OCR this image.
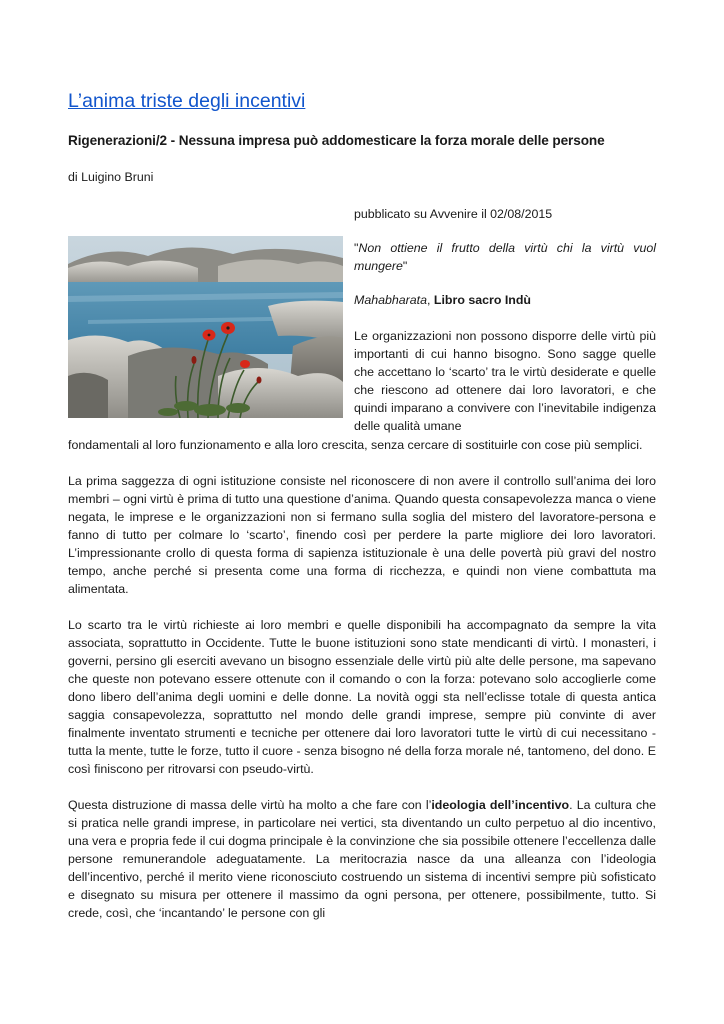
L’anima triste degli incentivi
Rigenerazioni/2 - Nessuna impresa può addomesticare la forza morale delle persone
di Luigino Bruni

pubblicato su Avvenire il 02/08/2015

"Non ottiene il frutto della virtù chi la virtù vuol mungere"

Mahabharata, Libro sacro Indù

Le organizzazioni non possono disporre delle virtù più importanti di cui hanno bisogno. Sono sagge quelle che accettano lo ‘scarto’ tra le virtù desiderate e quelle che riescono ad ottenere dai loro lavoratori, e che quindi imparano a convivere con l’inevitabile indigenza delle qualità umane

fondamentali al loro funzionamento e alla loro crescita, senza cercare di sostituirle con cose più semplici.

La prima saggezza di ogni istituzione consiste nel riconoscere di non avere il controllo sull’anima dei loro membri – ogni virtù è prima di tutto una questione d’anima. Quando questa consapevolezza manca o viene negata, le imprese e le organizzazioni non si fermano sulla soglia del mistero del lavoratore-persona e fanno di tutto per colmare lo ‘scarto’, finendo così per perdere la parte migliore dei loro lavoratori. L’impressionante crollo di questa forma di sapienza istituzionale è una delle povertà più gravi del nostro tempo, anche perché si presenta come una forma di ricchezza, e quindi non viene combattuta ma alimentata.

Lo scarto tra le virtù richieste ai loro membri e quelle disponibili ha accompagnato da sempre la vita associata, soprattutto in Occidente. Tutte le buone istituzioni sono state mendicanti di virtù. I monasteri, i governi, persino gli eserciti avevano un bisogno essenziale delle virtù più alte delle persone, ma sapevano che queste non potevano essere ottenute con il comando o con la forza: potevano solo accoglierle come dono libero dell’anima degli uomini e delle donne. La novità oggi sta nell’eclisse totale di questa antica saggia consapevolezza, soprattutto nel mondo delle grandi imprese, sempre più convinte di aver finalmente inventato strumenti e tecniche per ottenere dai loro lavoratori tutte le virtù di cui necessitano - tutta la mente, tutte le forze, tutto il cuore - senza bisogno né della forza morale né, tantomeno, del dono. E così finiscono per ritrovarsi con pseudo-virtù.

Questa distruzione di massa delle virtù ha molto a che fare con l’ideologia dell’incentivo. La cultura che si pratica nelle grandi imprese, in particolare nei vertici, sta diventando un culto perpetuo al dio incentivo, una vera e propria fede il cui dogma principale è la convinzione che sia possibile ottenere l’eccellenza dalle persone remunerandole adeguatamente. La meritocrazia nasce da una alleanza con l’ideologia dell’incentivo, perché il merito viene riconosciuto costruendo un sistema di incentivi sempre più sofisticato e disegnato su misura per ottenere il massimo da ogni persona, per ottenere, possibilmente, tutto. Si crede, così, che ‘incantando’ le persone con gli
